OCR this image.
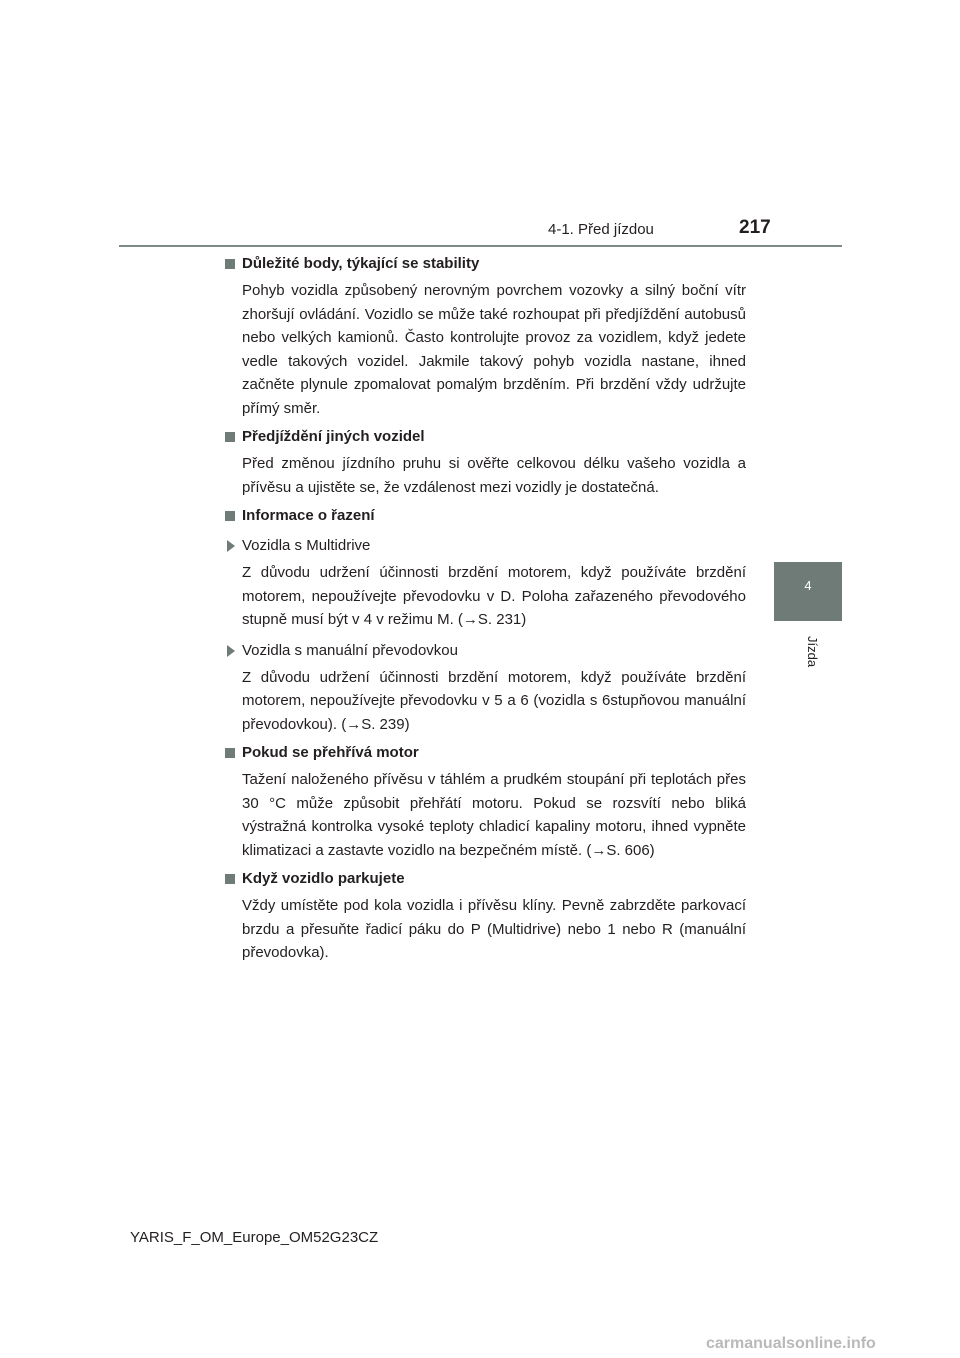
4-1. Před jízdou	217
4
Jízda

Důležité body, týkající se stability

Pohyb vozidla způsobený nerovným povrchem vozovky a silný boční vítr zhoršují ovládání. Vozidlo se může také rozhoupat při předjíždění autobusů nebo velkých kamionů. Často kontrolujte provoz za vozidlem, když jedete vedle takových vozidel. Jakmile takový pohyb vozidla nastane, ihned začněte plynule zpomalovat pomalým brzděním. Při brzdění vždy udržujte přímý směr.

Předjíždění jiných vozidel

Před změnou jízdního pruhu si ověřte celkovou délku vašeho vozidla a přívěsu a ujistěte se, že vzdálenost mezi vozidly je dostatečná.

Informace o řazení

Vozidla s Multidrive

Z důvodu udržení účinnosti brzdění motorem, když používáte brzdění motorem, nepoužívejte převodovku v D. Poloha zařazeného převodového stupně musí být v 4 v režimu M. (→S. 231)

Vozidla s manuální převodovkou

Z důvodu udržení účinnosti brzdění motorem, když používáte brzdění motorem, nepoužívejte převodovku v 5 a 6 (vozidla s 6stupňovou manuální převodovkou). (→S. 239)

Pokud se přehřívá motor

Tažení naloženého přívěsu v táhlém a prudkém stoupání při teplotách přes 30 °C může způsobit přehřátí motoru. Pokud se rozsvítí nebo bliká výstražná kontrolka vysoké teploty chladicí kapaliny motoru, ihned vypněte klimatizaci a zastavte vozidlo na bezpečném místě. (→S. 606)

Když vozidlo parkujete

Vždy umístěte pod kola vozidla i přívěsu klíny. Pevně zabrzděte parkovací brzdu a přesuňte řadicí páku do P (Multidrive) nebo 1 nebo R (manuální převodovka).

YARIS_F_OM_Europe_OM52G23CZ
carmanualsonline.info
